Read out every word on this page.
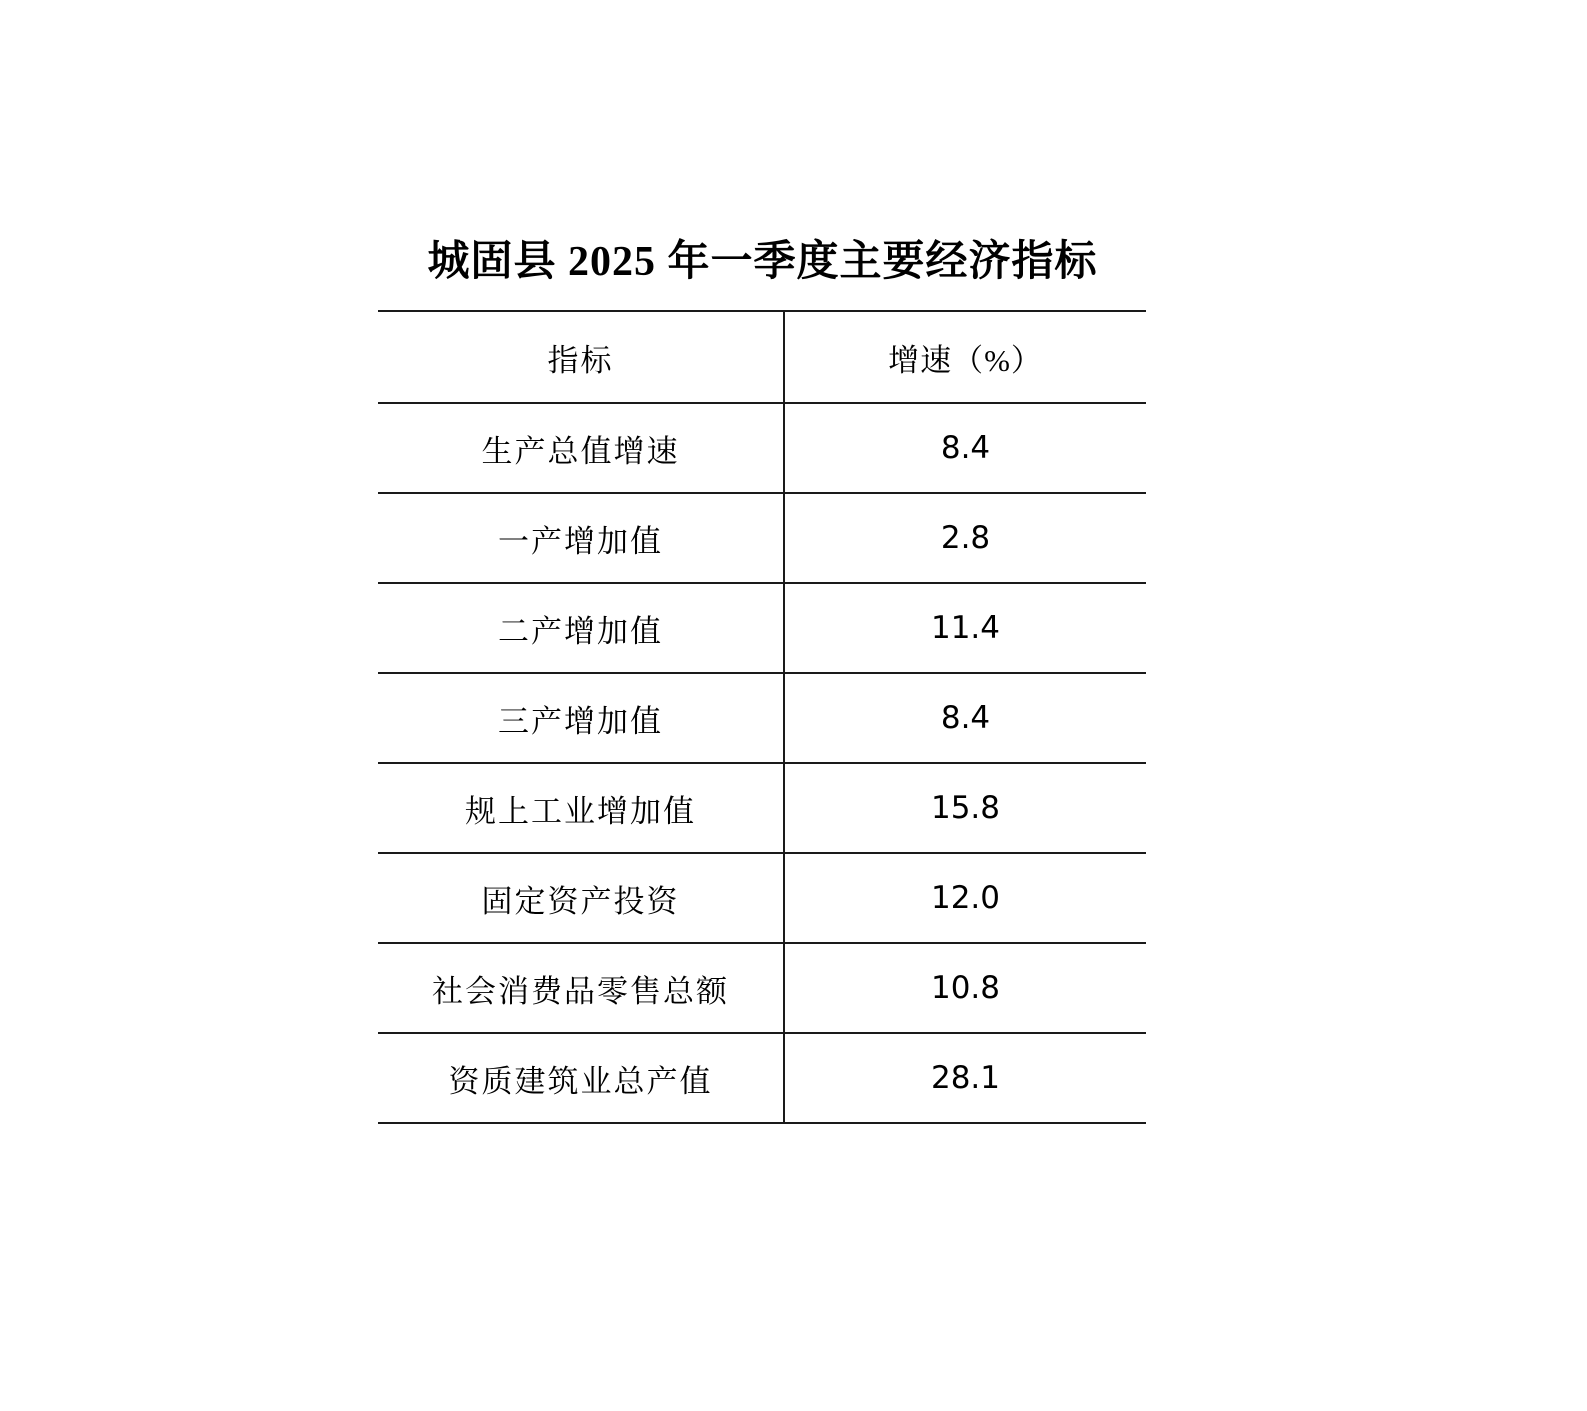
城固县 2025 年一季度主要经济指标
指标	增速（%）
生产总值增速	8.4
一产增加值	2.8
二产增加值	11.4
三产增加值	8.4
规上工业增加值	15.8
固定资产投资	12.0
社会消费品零售总额	10.8
资质建筑业总产值	28.1
